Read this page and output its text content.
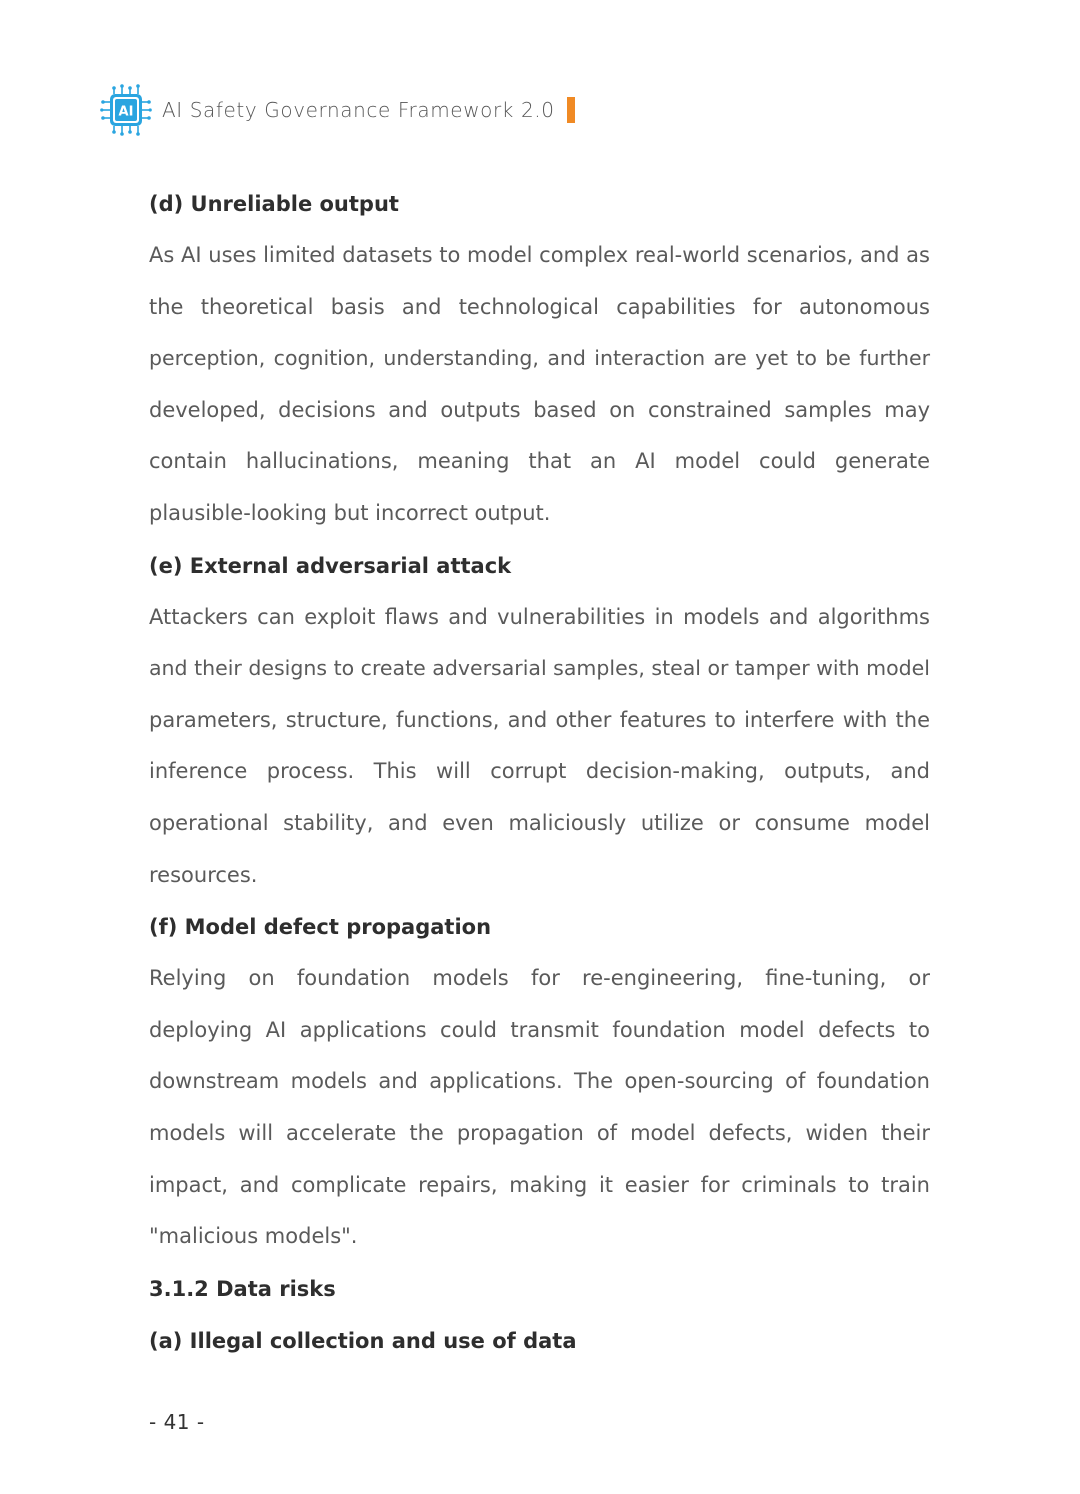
AI AI Safety Governance Framework 2.0
(d) Unreliable output
As AI uses limited datasets to model complex real-world scenarios, and as
the theoretical basis and technological capabilities for autonomous
perception, cognition, understanding, and interaction are yet to be further
developed, decisions and outputs based on constrained samples may
contain hallucinations, meaning that an AI model could generate
plausible-looking but incorrect output.
(e) External adversarial attack
Attackers can exploit flaws and vulnerabilities in models and algorithms
and their designs to create adversarial samples, steal or tamper with model
parameters, structure, functions, and other features to interfere with the
inference process. This will corrupt decision-making, outputs, and
operational stability, and even maliciously utilize or consume model
resources.
(f) Model defect propagation
Relying on foundation models for re-engineering, fine-tuning, or
deploying AI applications could transmit foundation model defects to
downstream models and applications. The open-sourcing of foundation
models will accelerate the propagation of model defects, widen their
impact, and complicate repairs, making it easier for criminals to train
"malicious models".
3.1.2 Data risks
(a) Illegal collection and use of data
- 41 -
